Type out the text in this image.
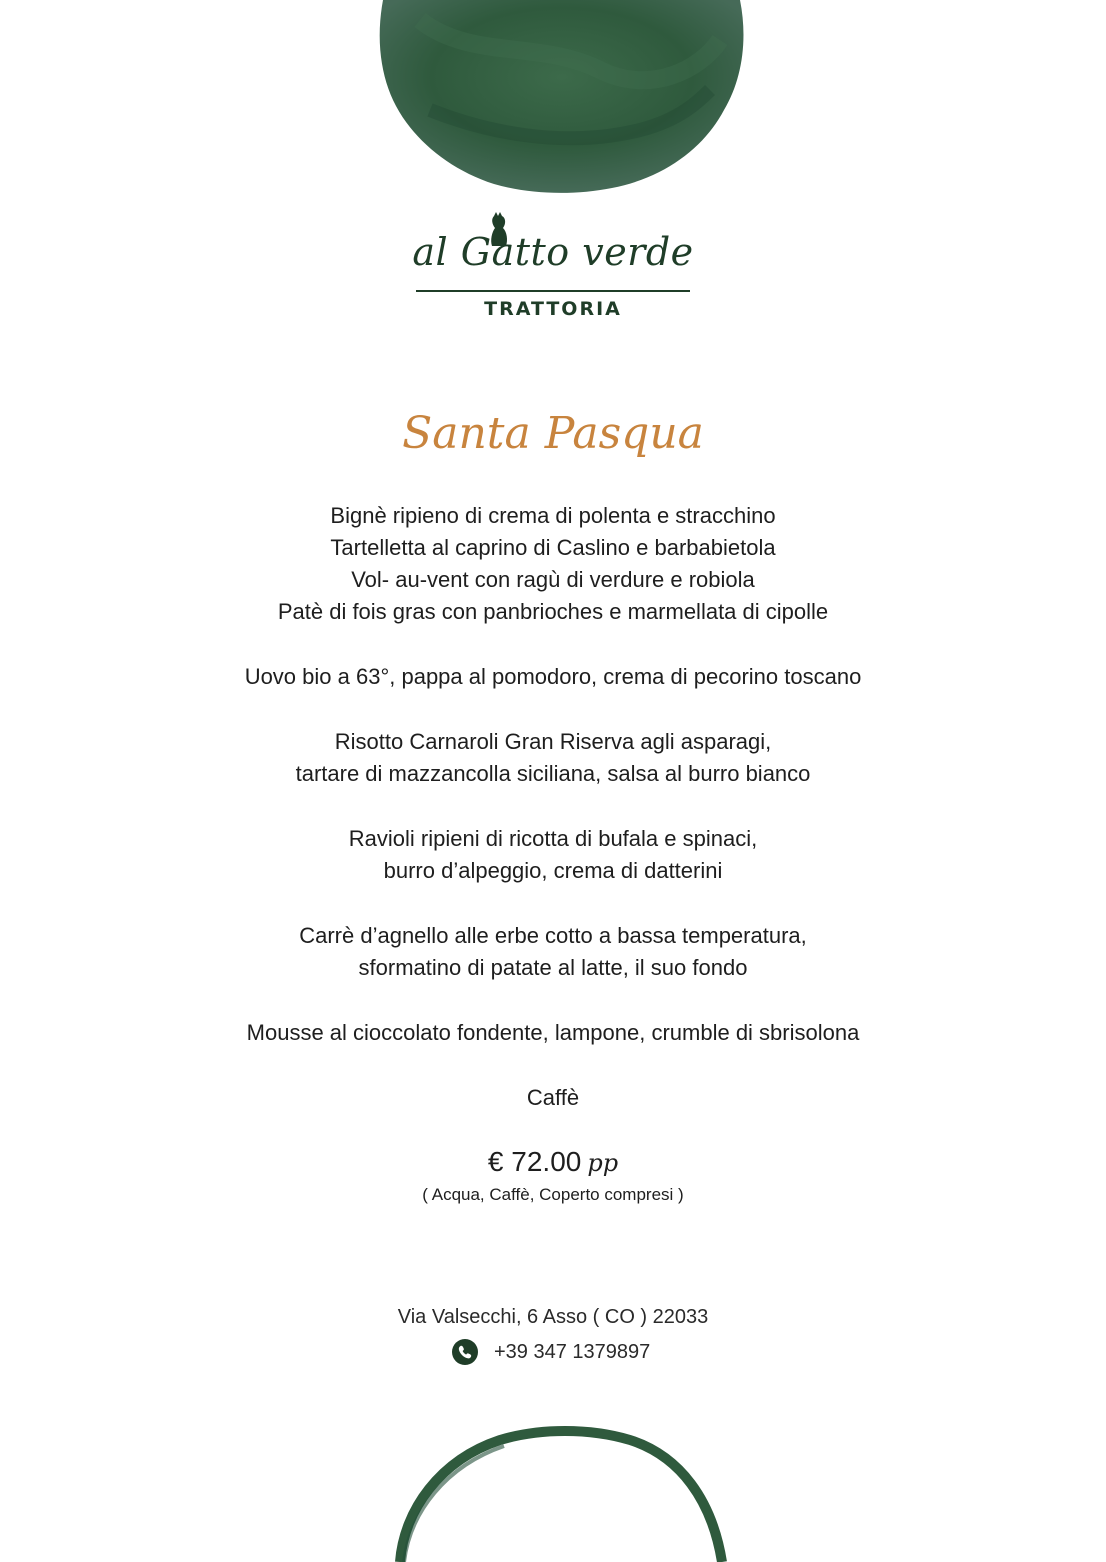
al Gatto verde
TRATTORIA
Santa Pasqua
Bignè ripieno di crema di polenta e stracchino
Tartelletta al caprino di Caslino e barbabietola
Vol- au-vent con ragù di verdure e robiola
Patè di fois gras con panbrioches e marmellata di cipolle
Uovo bio a 63°, pappa al pomodoro, crema di pecorino toscano
Risotto Carnaroli Gran Riserva agli asparagi,
tartare di mazzancolla siciliana, salsa al burro bianco
Ravioli ripieni di ricotta di bufala e spinaci,
burro d’alpeggio, crema di datterini
Carrè d’agnello alle erbe cotto a bassa temperatura,
sformatino di patate al latte, il suo fondo
Mousse al cioccolato fondente, lampone, crumble di sbrisolona
Caffè
€ 72.00 pp
( Acqua, Caffè, Coperto compresi )
Via Valsecchi, 6 Asso ( CO ) 22033
+39 347 1379897
